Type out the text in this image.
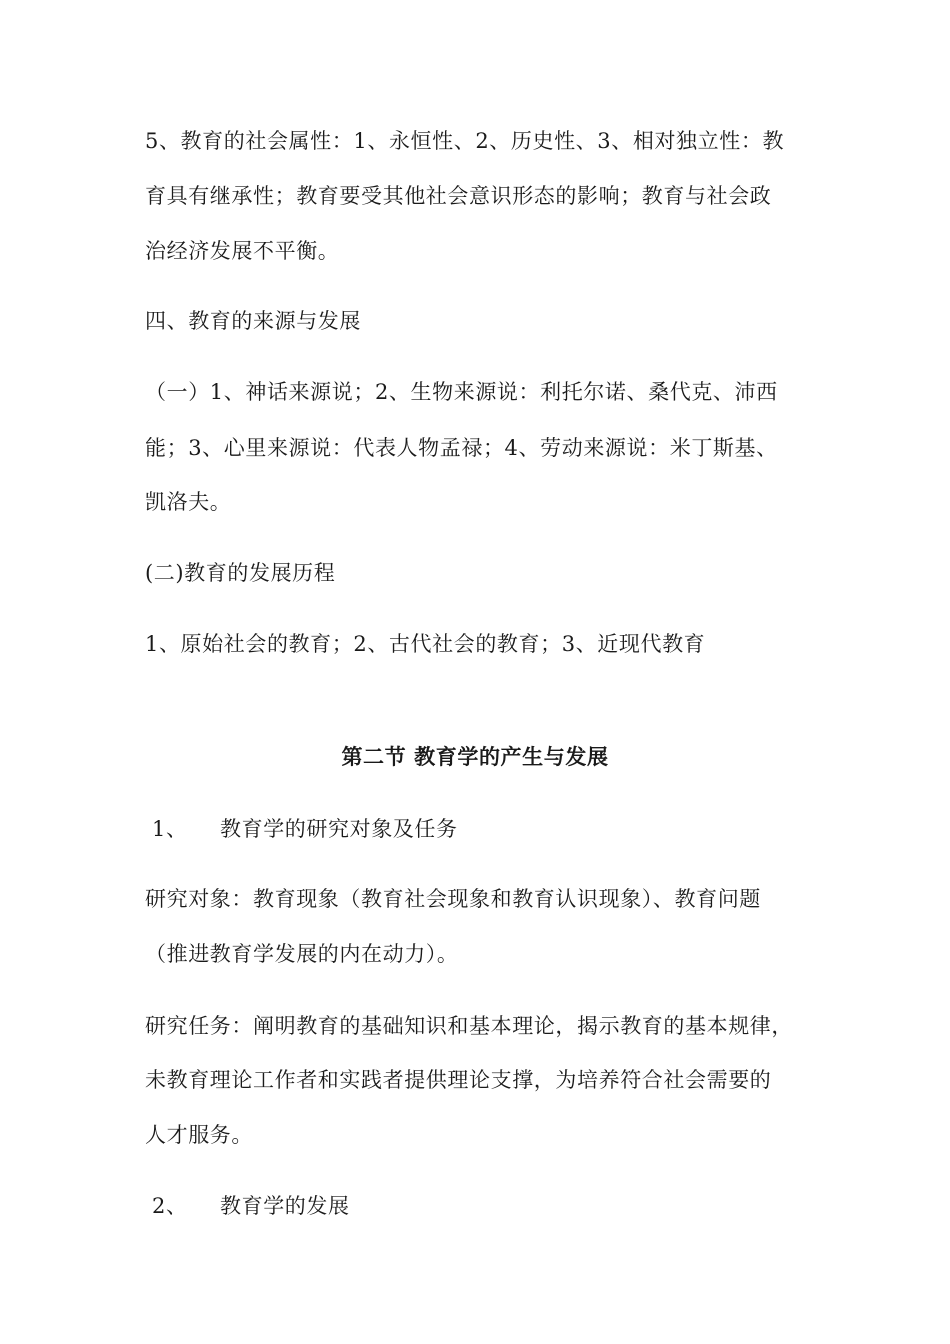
5、教育的社会属性：1、永恒性、2、历史性、3、相对独立性：教
育具有继承性；教育要受其他社会意识形态的影响；教育与社会政
治经济发展不平衡。
四、教育的来源与发展
（一）1、神话来源说；2、生物来源说：利托尔诺、桑代克、沛西
能；3、心里来源说：代表人物孟禄；4、劳动来源说：米丁斯基、
凯洛夫。
(二)教育的发展历程
1、原始社会的教育；2、古代社会的教育；3、近现代教育
第二节 教育学的产生与发展
1、 教育学的研究对象及任务
研究对象：教育现象（教育社会现象和教育认识现象）、教育问题
（推进教育学发展的内在动力）。
研究任务：阐明教育的基础知识和基本理论，揭示教育的基本规律，
未教育理论工作者和实践者提供理论支撑，为培养符合社会需要的
人才服务。
2、 教育学的发展
